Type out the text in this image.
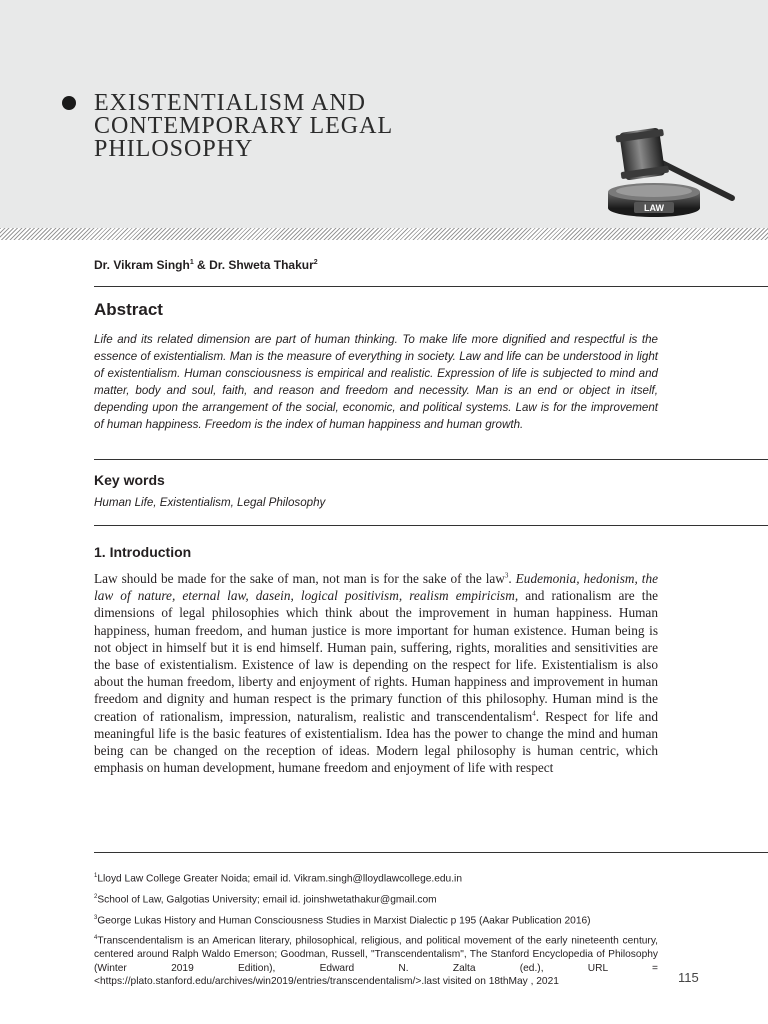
EXISTENTIALISM AND
CONTEMPORARY LEGAL
PHILOSOPHY
LAW

Dr. Vikram Singh$^1$ & Dr. Shweta Thakur$^2$

Abstract

Life and its related dimension are part of human thinking. To make life more dignified and respectful is the essence of existentialism. Man is the measure of everything in society. Law and life can be understood in light of existentialism. Human consciousness is empirical and realistic. Expression of life is subjected to mind and matter, body and soul, faith, and reason and freedom and necessity. Man is an end or object in itself, depending upon the arrangement of the social, economic, and political systems. Law is for the improvement of human happiness. Freedom is the index of human happiness and human growth.

Key words

Human Life, Existentialism, Legal Philosophy

1. Introduction

Law should be made for the sake of man, not man is for the sake of the law$^3$. Eudemonia, hedonism, the law of nature, eternal law, dasein, logical positivism, realism empiricism, and rationalism are the dimensions of legal philosophies which think about the improvement in human happiness. Human happiness, human freedom, and human justice is more important for human existence. Human being is not object in himself but it is end himself. Human pain, suffering, rights, moralities and sensitivities are the base of existentialism. Existence of law is depending on the respect for life. Existentialism is also about the human freedom, liberty and enjoyment of rights. Human happiness and improvement in human freedom and dignity and human respect is the primary function of this philosophy. Human mind is the creation of rationalism, impression, naturalism, realistic and transcendentalism$^4$. Respect for life and meaningful life is the basic features of existentialism. Idea has the power to change the mind and human being can be changed on the reception of ideas. Modern legal philosophy is human centric, which emphasis on human development, humane freedom and enjoyment of life with respect

$^1$Lloyd Law College Greater Noida; email id. Vikram.singh@lloydlawcollege.edu.in

$^2$School of Law, Galgotias University; email id. joinshwetathakur@gmail.com

$^3$George Lukas History and Human Consciousness Studies in Marxist Dialectic p 195 (Aakar Publication 2016)

$^4$Transcendentalism is an American literary, philosophical, religious, and political movement of the early nineteenth century, centered around Ralph Waldo Emerson; Goodman, Russell, "Transcendentalism", The Stanford Encyclopedia of Philosophy (Winter 2019 Edition), Edward N. Zalta (ed.), URL = <https://plato.stanford.edu/archives/win2019/entries/transcendentalism/>.last visited on 18thMay , 2021	115
